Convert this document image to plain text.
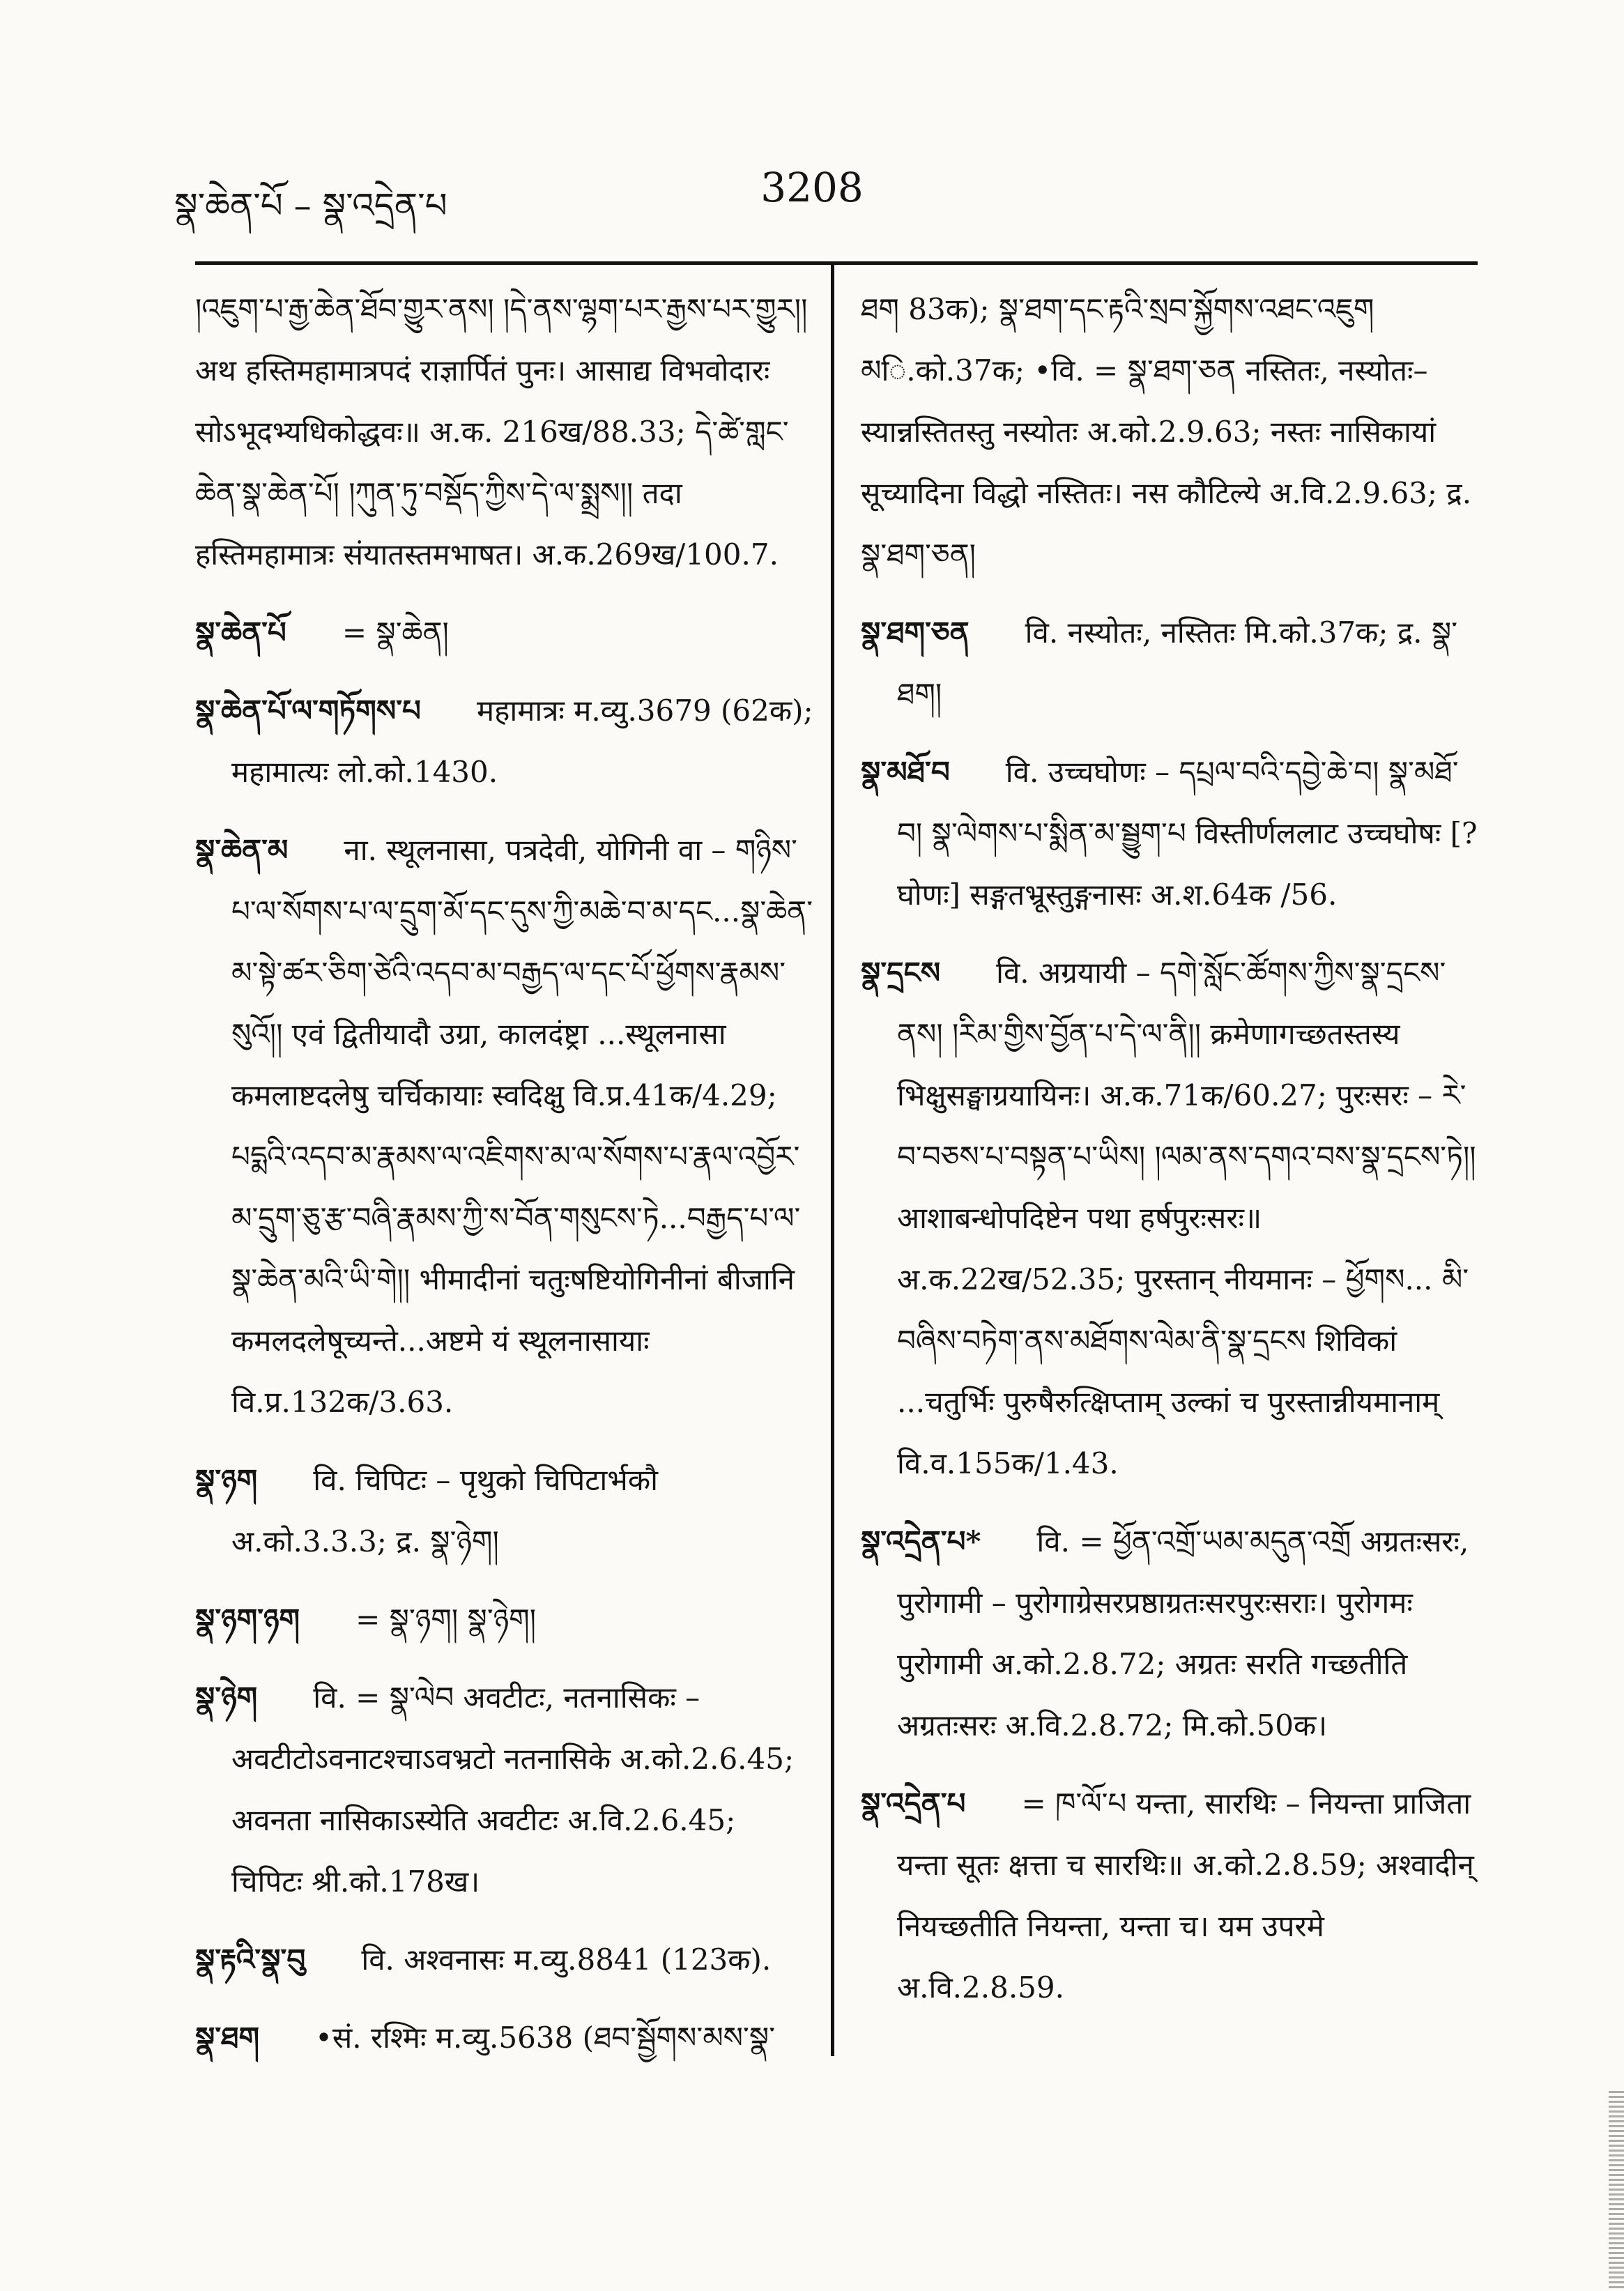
སྣ་ཆེན་པོ – སྣ་འདྲེན་པ	3208

།འཇུག་པ་རྒྱ་ཆེན་ཐོབ་གྱུར་ནས། །དེ་ནས་ལྷག་པར་རྒྱས་པར་གྱུར།། अथ हस्तिमहामात्रपदं राज्ञार्पितं पुनः। आसाद्य विभवोदारः सोऽभूदभ्यधिकोद्धवः॥ अ.क. 216ख/88.33; དེ་ཚེ་གླང་ཆེན་སྣ་ཆེན་པོ། །ཀུན་ཏུ་བསྡོད་ཀྱིས་དེ་ལ་སྨྲས།། तदा हस्तिमहामात्रः संयातस्तमभाषत। अ.क.269ख/100.7.

སྣ་ཆེན་པོ = སྣ་ཆེན།

སྣ་ཆེན་པོ་ལ་གཏོགས་པ महामात्रः म.व्यु.3679 (62क); महामात्यः लो.को.1430.

སྣ་ཆེན་མ ना. स्थूलनासा, पत्रदेवी, योगिनी वा – གཉིས་པ་ལ་སོགས་པ་ལ་དྲུག་མོ་དང་དུས་ཀྱི་མཆེ་བ་མ་དང...སྣ་ཆེན་མ་སྟེ་ཚར་ཅིག་ཙེའི་འདབ་མ་བརྒྱད་ལ་དང་པོ་ཕྱོགས་རྣམས་སུའོ།། एवं द्वितीयादौ उग्रा, कालदंष्ट्रा ...स्थूलनासा कमलाष्टदलेषु चर्चिकायाः स्वदिक्षु वि.प्र.41क/4.29; པདྨའི་འདབ་མ་རྣམས་ལ་འཇིགས་མ་ལ་སོགས་པ་རྣལ་འབྱོར་མ་དྲུག་ཅུ་རྩ་བཞི་རྣམས་ཀྱི་ས་བོན་གསུངས་ཏེ...བརྒྱད་པ་ལ་སྣ་ཆེན་མའི་ཡི་གེ།། भीमादीनां चतुःषष्टियोगिनीनां बीजानि कमलदलेषूच्यन्ते...अष्टमे यं स्थूलनासायाः वि.प्र.132क/3.63.

སྣ་ཉག वि. चिपिटः – पृथुको चिपिटार्भकौ अ.को.3.3.3; द्र. སྣ་ཉེག།

སྣ་ཉག་ཉག = སྣ་ཉག། སྣ་ཉེག།

སྣ་ཉེག वि. = སྣ་ལེབ अवटीटः, नतनासिकः – अवटीटोऽवनाटश्चाऽवभ्रटो नतनासिके अ.को.2.6.45; अवनता नासिकाऽस्येति अवटीटः अ.वि.2.6.45; चिपिटः श्री.को.178ख।

སྣ་རྟའི་སྣ་བུ वि. अश्वनासः म.व्यु.8841 (123क).

སྣ་ཐག •सं. रश्मिः म.व्यु.5638 (ཐབ་སྦྱོགས་མས་སྣ་

ཐག 83क); སྣ་ཐག་དང་རྟའི་སྲབ་སྐྱོགས་འཐང་འཇུག མि.को.37क; •वि. = སྣ་ཐག་ཅན नस्तितः, नस्योतः– स्यान्नस्तितस्तु नस्योतः अ.को.2.9.63; नस्तः नासिकायां सूच्यादिना विद्धो नस्तितः। नस कौटिल्ये अ.वि.2.9.63; द्र. སྣ་ཐག་ཅན།

སྣ་ཐག་ཅན वि. नस्योतः, नस्तितः मि.को.37क; द्र. སྣ་ཐག།

སྣ་མཐོ་བ वि. उच्चघोणः – དཔྲལ་བའི་དབྱེ་ཆེ་བ། སྣ་མཐོ་བ། སྣ་ལེགས་པ་སྨིན་མ་སྦྱུག་པ विस्तीर्णललाट उच्चघोषः [? घोणः] सङ्गतभ्रूस्तुङ्गनासः अ.श.64क /56.

སྣ་དྲངས वि. अग्रयायी – དགེ་སློང་ཚོགས་ཀྱིས་སྣ་དྲངས་ནས། །རིམ་གྱིས་བྱོན་པ་དེ་ལ་ནི།། क्रमेणागच्छतस्तस्य भिक्षुसङ्घाग्रयायिनः। अ.क.71क/60.27; पुरःसरः – རེ་བ་བཅས་པ་བསྟན་པ་ཡིས། །ལམ་ནས་དགའ་བས་སྣ་དྲངས་ཏེ།། आशाबन्धोपदिष्टेन पथा हर्षपुरःसरः॥ अ.क.22ख/52.35; पुरस्तान् नीयमानः – ཕྱོགས... མི་བཞིས་བཏེག་ནས་མཐོགས་ལེམ་ནི་སྣ་དྲངས शिविकां ...चतुर्भिः पुरुषैरुत्क्षिप्ताम् उल्कां च पुरस्तान्नीयमानाम् वि.व.155क/1.43.

སྣ་འདྲེན་པ* वि. = ཕྱོན་འགྲོ་ཡམ་མདུན་འགྲོ अग्रतःसरः, पुरोगामी – पुरोगाग्रेसरप्रष्ठाग्रतःसरपुरःसराः। पुरोगमः पुरोगामी अ.को.2.8.72; अग्रतः सरति गच्छतीति अग्रतःसरः अ.वि.2.8.72; मि.को.50क।

སྣ་འདྲེན་པ = ཁ་ལོ་པ यन्ता, सारथिः – नियन्ता प्राजिता यन्ता सूतः क्षत्ता च सारथिः॥ अ.को.2.8.59; अश्वादीन् नियच्छतीति नियन्ता, यन्ता च। यम उपरमे अ.वि.2.8.59.
